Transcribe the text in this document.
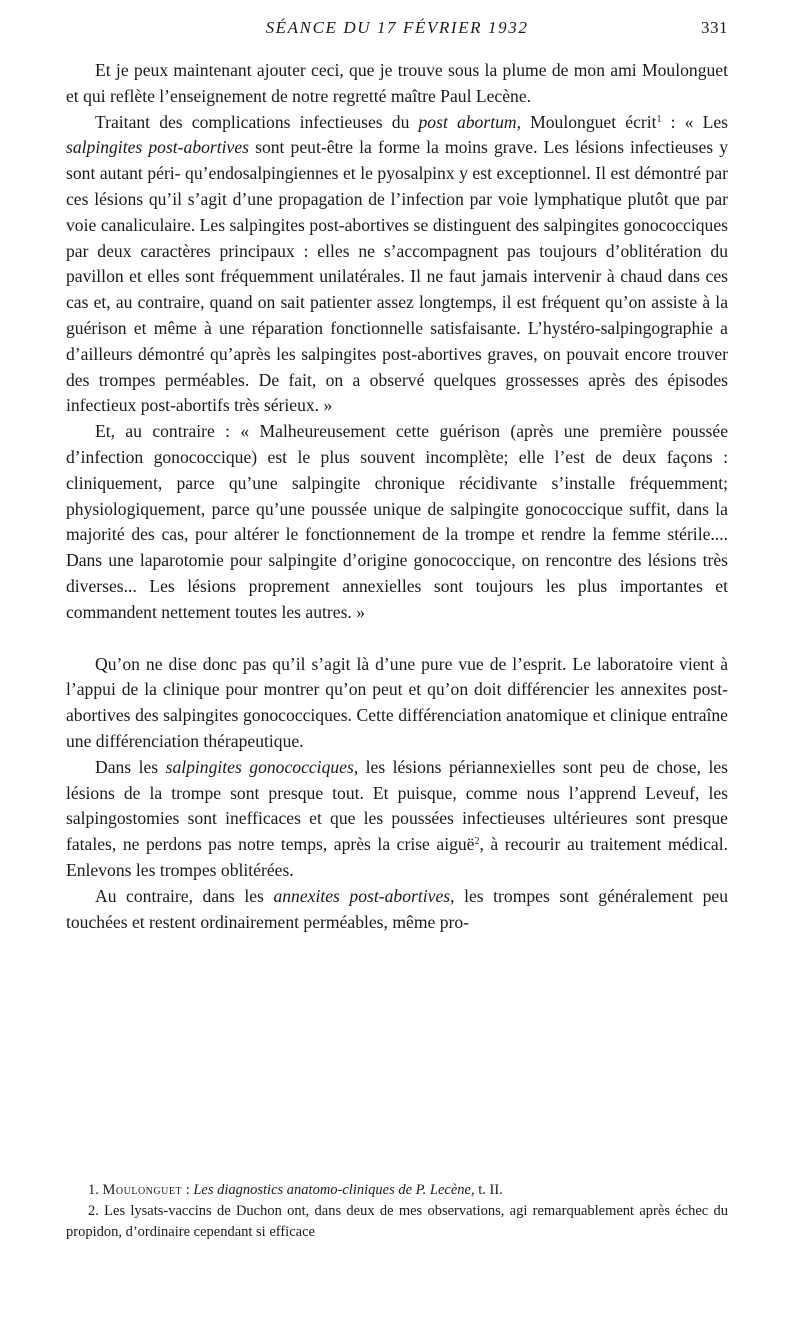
SÉANCE DU 17 FÉVRIER 1932	331

Et je peux maintenant ajouter ceci, que je trouve sous la plume de mon ami Moulonguet et qui reflète l’enseignement de notre regretté maître Paul Lecène.

Traitant des complications infectieuses du post abortum, Moulonguet écrit$^1$ : « Les salpingites post-abortives sont peut-être la forme la moins grave. Les lésions infectieuses y sont autant péri- qu’endosalpingiennes et le pyosalpinx y est exceptionnel. Il est démontré par ces lésions qu’il s’agit d’une propagation de l’infection par voie lymphatique plutôt que par voie canaliculaire. Les salpingites post-abortives se distinguent des salpingites gonococciques par deux caractères principaux : elles ne s’accompagnent pas toujours d’oblitération du pavillon et elles sont fréquemment unilatérales. Il ne faut jamais intervenir à chaud dans ces cas et, au contraire, quand on sait patienter assez longtemps, il est fréquent qu’on assiste à la guérison et même à une réparation fonctionnelle satisfaisante. L’hystéro-salpingographie a d’ailleurs démontré qu’après les salpingites post-abortives graves, on pouvait encore trouver des trompes perméables. De fait, on a observé quelques grossesses après des épisodes infectieux post-abortifs très sérieux. »

Et, au contraire : « Malheureusement cette guérison (après une première poussée d’infection gonococcique) est le plus souvent incomplète; elle l’est de deux façons : cliniquement, parce qu’une salpingite chronique récidivante s’installe fréquemment; physiologiquement, parce qu’une poussée unique de salpingite gonococcique suffit, dans la majorité des cas, pour altérer le fonctionnement de la trompe et rendre la femme stérile.... Dans une laparotomie pour salpingite d’origine gonococcique, on rencontre des lésions très diverses... Les lésions proprement annexielles sont toujours les plus importantes et commandent nettement toutes les autres. »

Qu’on ne dise donc pas qu’il s’agit là d’une pure vue de l’esprit. Le laboratoire vient à l’appui de la clinique pour montrer qu’on peut et qu’on doit différencier les annexites post-abortives des salpingites gonococciques. Cette différenciation anatomique et clinique entraîne une différenciation thérapeutique.

Dans les salpingites gonococciques, les lésions périannexielles sont peu de chose, les lésions de la trompe sont presque tout. Et puisque, comme nous l’apprend Leveuf, les salpingostomies sont inefficaces et que les poussées infectieuses ultérieures sont presque fatales, ne perdons pas notre temps, après la crise aiguë$^2$, à recourir au traitement médical. Enlevons les trompes oblitérées.

Au contraire, dans les annexites post-abortives, les trompes sont généralement peu touchées et restent ordinairement perméables, même pro-

1. Moulonguet : Les diagnostics anatomo-cliniques de P. Lecène, t. II.

2. Les lysats-vaccins de Duchon ont, dans deux de mes observations, agi remarquablement après échec du propidon, d’ordinaire cependant si efficace
